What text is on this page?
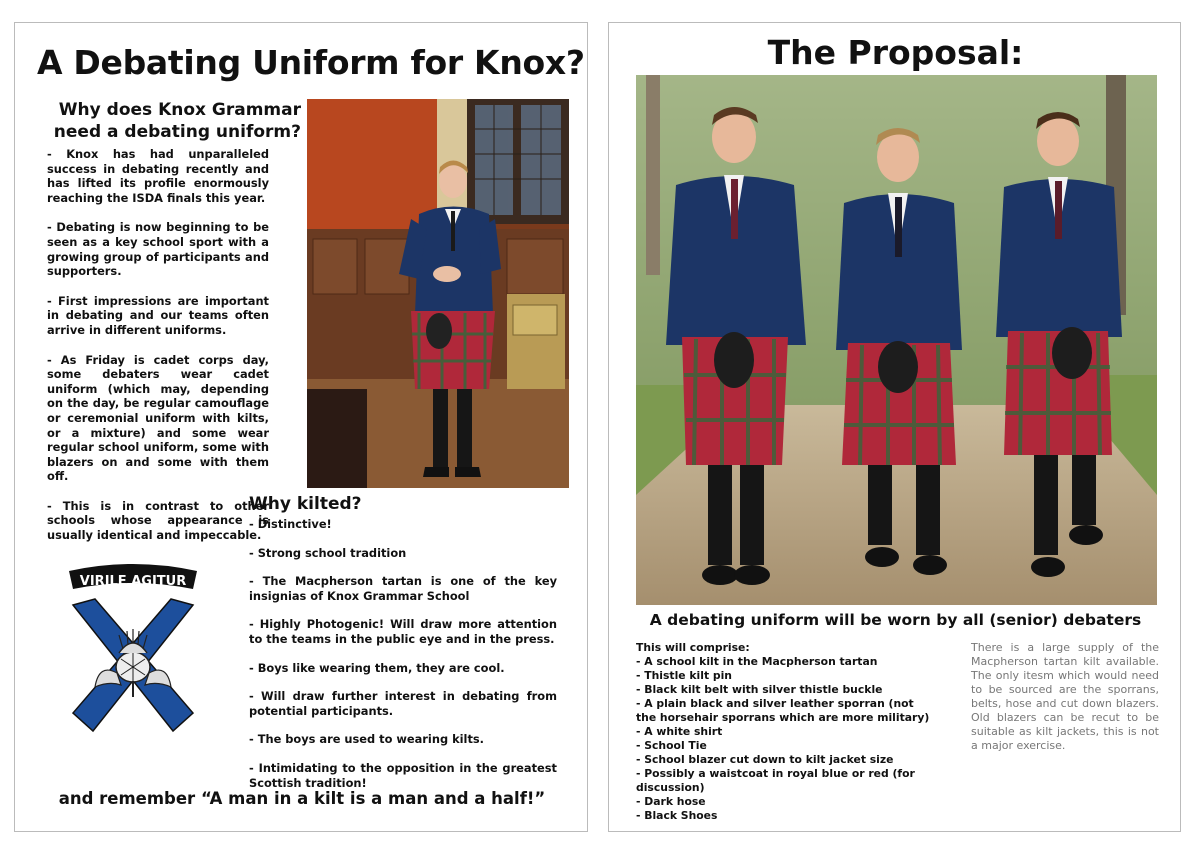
A Debating Uniform for Knox?
Why does Knox Grammar need a debating uniform?

- Knox has had unparalleled success in debating recently and has lifted its profile enormously reaching the ISDA finals this year.

- Debating is now beginning to be seen as a key school sport with a growing group of participants and supporters.

- First impressions are important in debating and our teams often arrive in different uniforms.

- As Friday is cadet corps day, some debaters wear cadet uniform (which may, depending on the day, be regular camouflage or ceremonial uniform with kilts, or a mixture) and some wear regular school uniform, some with blazers on and some with them off.

- This is in contrast to other schools whose appearance is usually identical and impeccable.

Why kilted?

- Distinctive!

- Strong school tradition

- The Macpherson tartan is one of the key insignias of Knox Grammar School

- Highly Photogenic! Will draw more attention to the teams in the public eye and in the press.

- Boys like wearing them, they are cool.

- Will draw further interest in debating from potential participants.

- The boys are used to wearing kilts.

- Intimidating to the opposition in the greatest Scottish tradition!

VIRILE AGITUR
and remember “A man in a kilt is a man and a half!”
The Proposal:
A debating uniform will be worn by all (senior) debaters
This will comprise:
- A school kilt in the Macpherson tartan
- Thistle kilt pin
- Black kilt belt with silver thistle buckle
- A plain black and silver leather sporran (not the horsehair sporrans which are more military)
- A white shirt
- School Tie
- School blazer cut down to kilt jacket size
- Possibly a waistcoat in royal blue or red (for discussion)
- Dark hose
- Black Shoes
There is a large supply of the Macpherson tartan kilt available. The only itesm which would need to be sourced are the sporrans, belts, hose and cut down blazers. Old blazers can be recut to be suitable as kilt jackets, this is not a major exercise.
